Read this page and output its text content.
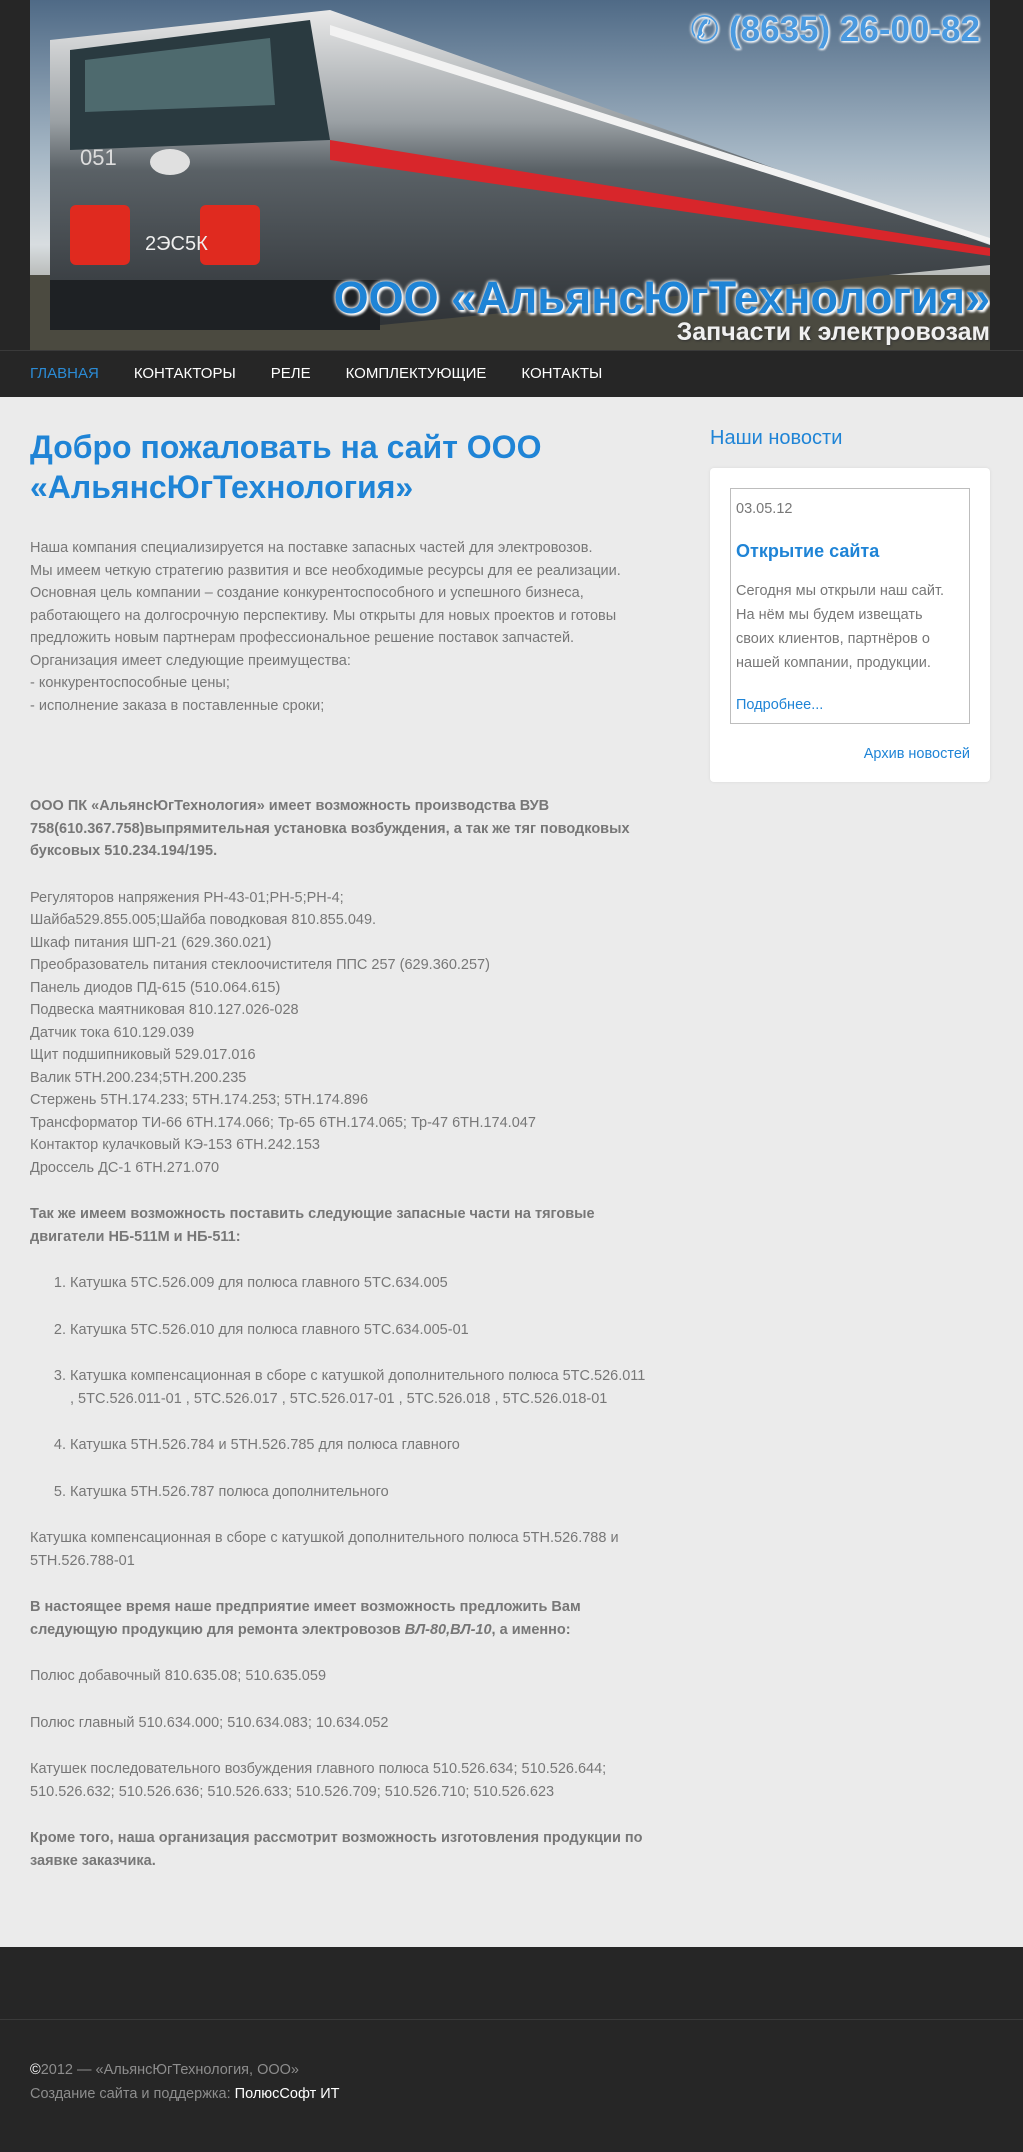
2ЭС5К
051
✆ (8635) 26-00-82
ООО «АльянсЮгТехнология»
Запчасти к электровозам
ГЛАВНАЯ КОНТАКТОРЫ РЕЛЕ КОМПЛЕКТУЮЩИЕ КОНТАКТЫ
Добро пожаловать на сайт ООО «АльянсЮгТехнология»

Наша компания специализируется на поставке запасных частей для электровозов.
Мы имеем четкую стратегию развития и все необходимые ресурсы для ее реализации.
Основная цель компании – создание конкурентоспособного и успешного бизнеса, работающего на долгосрочную перспективу. Мы открыты для новых проектов и готовы предложить новым партнерам профессиональное решение поставок запчастей.
Организация имеет следующие преимущества:
- конкурентоспособные цены;
- исполнение заказа в поставленные сроки;

ООО ПК «АльянсЮгТехнология» имеет возможность производства ВУВ 758(610.367.758)выпрямительная установка возбуждения, а так же тяг поводковых буксовых 510.234.194/195.

Регуляторов напряжения РН-43-01;РН-5;РН-4;
Шайба529.855.005;Шайба поводковая 810.855.049.
Шкаф питания ШП-21 (629.360.021)
Преобразователь питания стеклоочистителя ППС 257 (629.360.257)
Панель диодов ПД-615 (510.064.615)
Подвеска маятниковая 810.127.026-028
Датчик тока 610.129.039
Щит подшипниковый 529.017.016
Валик 5ТН.200.234;5ТН.200.235
Стержень 5ТН.174.233; 5ТН.174.253; 5ТН.174.896
Трансформатор ТИ-66 6ТН.174.066; Тр-65 6ТН.174.065; Тр-47 6ТН.174.047
Контактор кулачковый КЭ-153 6ТН.242.153
Дроссель ДС-1 6ТН.271.070

Так же имеем возможность поставить следующие запасные части на тяговые двигатели НБ-511М и НБ-511:

1. Катушка 5ТС.526.009 для полюса главного 5ТС.634.005
2. Катушка 5ТС.526.010 для полюса главного 5ТС.634.005-01
3. Катушка компенсационная в сборе с катушкой дополнительного полюса 5ТС.526.011 , 5ТС.526.011-01 , 5ТС.526.017 , 5ТС.526.017-01 , 5ТС.526.018 , 5ТС.526.018-01
4. Катушка 5ТН.526.784 и 5ТН.526.785 для полюса главного
5. Катушка 5ТН.526.787 полюса дополнительного

Катушка компенсационная в сборе с катушкой дополнительного полюса 5ТН.526.788 и 5ТН.526.788-01

В настоящее время наше предприятие имеет возможность предложить Вам следующую продукцию для ремонта электровозов ВЛ-80,ВЛ-10, а именно:

Полюс добавочный 810.635.08; 510.635.059

Полюс главный 510.634.000; 510.634.083; 10.634.052

Катушек последовательного возбуждения главного полюса 510.526.634; 510.526.644; 510.526.632; 510.526.636; 510.526.633; 510.526.709; 510.526.710; 510.526.623

Кроме того, наша организация рассмотрит возможность изготовления продукции по заявке заказчика.

Наши новости
03.05.12
Открытие сайта
Сегодня мы открыли наш сайт. На нём мы будем извещать своих клиентов, партнёров о нашей компании, продукции.
Подробнее...
Архив новостей
©2012 — «АльянсЮгТехнология, ООО»
Создание сайта и поддержка: ПолюсСофт ИТ
